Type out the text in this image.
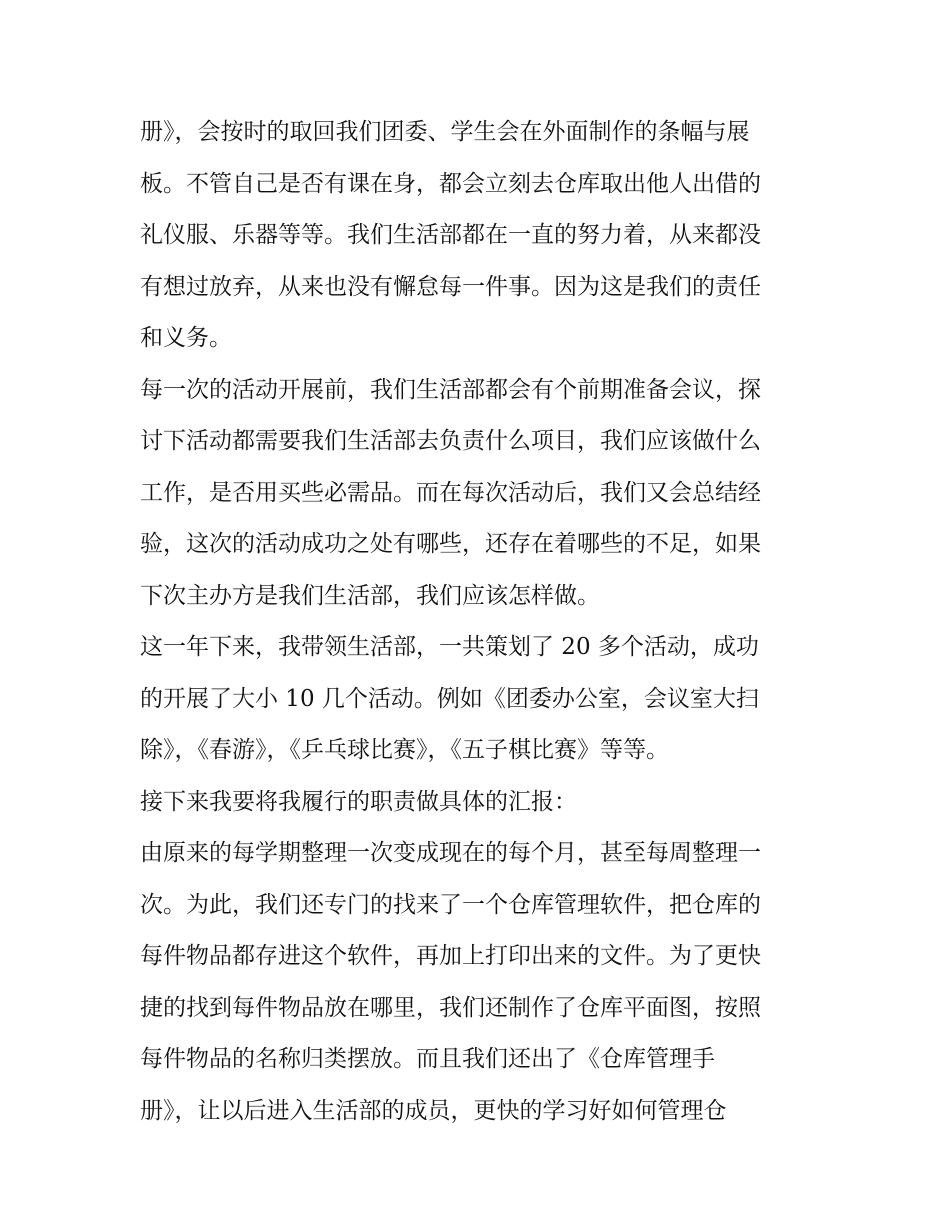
册》，会按时的取回我们团委、学生会在外面制作的条幅与展
板。不管自己是否有课在身，都会立刻去仓库取出他人出借的
礼仪服、乐器等等。我们生活部都在一直的努力着，从来都没
有想过放弃，从来也没有懈怠每一件事。因为这是我们的责任
和义务。
每一次的活动开展前，我们生活部都会有个前期准备会议，探
讨下活动都需要我们生活部去负责什么项目，我们应该做什么
工作，是否用买些必需品。而在每次活动后，我们又会总结经
验，这次的活动成功之处有哪些，还存在着哪些的不足，如果
下次主办方是我们生活部，我们应该怎样做。
这一年下来，我带领生活部，一共策划了 20 多个活动，成功
的开展了大小 10 几个活动。例如《团委办公室，会议室大扫
除》，《春游》，《乒乓球比赛》，《五子棋比赛》等等。
接下来我要将我履行的职责做具体的汇报：
由原来的每学期整理一次变成现在的每个月，甚至每周整理一
次。为此，我们还专门的找来了一个仓库管理软件，把仓库的
每件物品都存进这个软件，再加上打印出来的文件。为了更快
捷的找到每件物品放在哪里，我们还制作了仓库平面图，按照
每件物品的名称归类摆放。而且我们还出了《仓库管理手
册》，让以后进入生活部的成员，更快的学习好如何管理仓
